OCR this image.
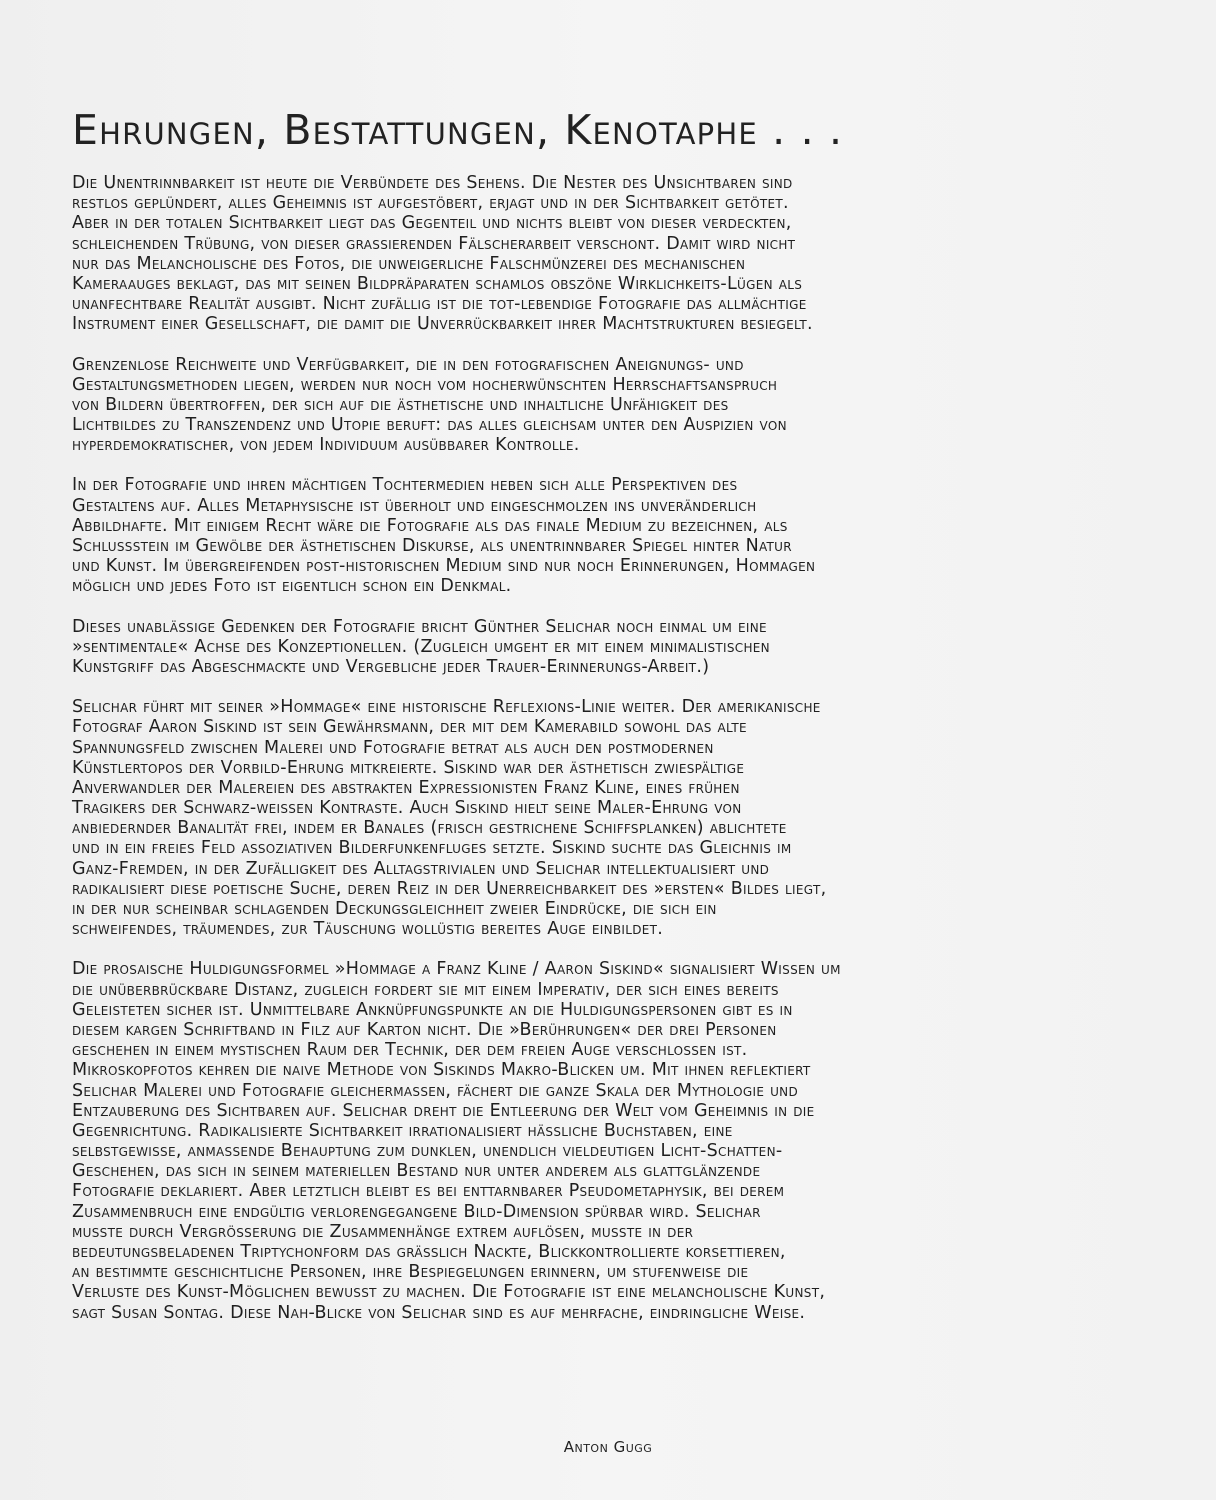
Ehrungen, Bestattungen, Kenotaphe . . .
Die Unentrinnbarkeit ist heute die Verbündete des Sehens. Die Nester des Unsichtbaren sind
restlos geplündert, alles Geheimnis ist aufgestöbert, erjagt und in der Sichtbarkeit getötet.
Aber in der totalen Sichtbarkeit liegt das Gegenteil und nichts bleibt von dieser verdeckten,
schleichenden Trübung, von dieser grassierenden Fälscherarbeit verschont. Damit wird nicht
nur das Melancholische des Fotos, die unweigerliche Falschmünzerei des mechanischen
Kameraauges beklagt, das mit seinen Bildpräparaten schamlos obszöne Wirklichkeits-Lügen als
unanfechtbare Realität ausgibt. Nicht zufällig ist die tot-lebendige Fotografie das allmächtige
Instrument einer Gesellschaft, die damit die Unverrückbarkeit ihrer Machtstrukturen besiegelt.
Grenzenlose Reichweite und Verfügbarkeit, die in den fotografischen Aneignungs- und
Gestaltungsmethoden liegen, werden nur noch vom hocherwünschten Herrschaftsanspruch
von Bildern übertroffen, der sich auf die ästhetische und inhaltliche Unfähigkeit des
Lichtbildes zu Transzendenz und Utopie beruft: das alles gleichsam unter den Auspizien von
hyperdemokratischer, von jedem Individuum ausübbarer Kontrolle.
In der Fotografie und ihren mächtigen Tochtermedien heben sich alle Perspektiven des
Gestaltens auf. Alles Metaphysische ist überholt und eingeschmolzen ins unveränderlich
Abbildhafte. Mit einigem Recht wäre die Fotografie als das finale Medium zu bezeichnen, als
Schlussstein im Gewölbe der ästhetischen Diskurse, als unentrinnbarer Spiegel hinter Natur
und Kunst. Im übergreifenden post-historischen Medium sind nur noch Erinnerungen, Hommagen
möglich und jedes Foto ist eigentlich schon ein Denkmal.
Dieses unablässige Gedenken der Fotografie bricht Günther Selichar noch einmal um eine
»sentimentale« Achse des Konzeptionellen. (Zugleich umgeht er mit einem minimalistischen
Kunstgriff das Abgeschmackte und Vergebliche jeder Trauer-Erinnerungs-Arbeit.)
Selichar führt mit seiner »Hommage« eine historische Reflexions-Linie weiter. Der amerikanische
Fotograf Aaron Siskind ist sein Gewährsmann, der mit dem Kamerabild sowohl das alte
Spannungsfeld zwischen Malerei und Fotografie betrat als auch den postmodernen
Künstlertopos der Vorbild-Ehrung mitkreierte. Siskind war der ästhetisch zwiespältige
Anverwandler der Malereien des abstrakten Expressionisten Franz Kline, eines frühen
Tragikers der Schwarz-weissen Kontraste. Auch Siskind hielt seine Maler-Ehrung von
anbiedernder Banalität frei, indem er Banales (frisch gestrichene Schiffsplanken) ablichtete
und in ein freies Feld assoziativen Bilderfunkenfluges setzte. Siskind suchte das Gleichnis im
Ganz-Fremden, in der Zufälligkeit des Alltagstrivialen und Selichar intellektualisiert und
radikalisiert diese poetische Suche, deren Reiz in der Unerreichbarkeit des »ersten« Bildes liegt,
in der nur scheinbar schlagenden Deckungsgleichheit zweier Eindrücke, die sich ein
schweifendes, träumendes, zur Täuschung wollüstig bereites Auge einbildet.
Die prosaische Huldigungsformel »Hommage a Franz Kline / Aaron Siskind« signalisiert Wissen um
die unüberbrückbare Distanz, zugleich fordert sie mit einem Imperativ, der sich eines bereits
Geleisteten sicher ist. Unmittelbare Anknüpfungspunkte an die Huldigungspersonen gibt es in
diesem kargen Schriftband in Filz auf Karton nicht. Die »Berührungen« der drei Personen
geschehen in einem mystischen Raum der Technik, der dem freien Auge verschlossen ist.
Mikroskopfotos kehren die naive Methode von Siskinds Makro-Blicken um. Mit ihnen reflektiert
Selichar Malerei und Fotografie gleichermassen, fächert die ganze Skala der Mythologie und
Entzauberung des Sichtbaren auf. Selichar dreht die Entleerung der Welt vom Geheimnis in die
Gegenrichtung. Radikalisierte Sichtbarkeit irrationalisiert hässliche Buchstaben, eine
selbstgewisse, anmassende Behauptung zum dunklen, unendlich vieldeutigen Licht-Schatten-
Geschehen, das sich in seinem materiellen Bestand nur unter anderem als glattglänzende
Fotografie deklariert. Aber letztlich bleibt es bei enttarnbarer Pseudometaphysik, bei derem
Zusammenbruch eine endgültig verlorengegangene Bild-Dimension spürbar wird. Selichar
musste durch Vergrösserung die Zusammenhänge extrem auflösen, musste in der
bedeutungsbeladenen Triptychonform das grässlich Nackte, Blickkontrollierte korsettieren,
an bestimmte geschichtliche Personen, ihre Bespiegelungen erinnern, um stufenweise die
Verluste des Kunst-Möglichen bewusst zu machen. Die Fotografie ist eine melancholische Kunst,
sagt Susan Sontag. Diese Nah-Blicke von Selichar sind es auf mehrfache, eindringliche Weise.
Anton Gugg
